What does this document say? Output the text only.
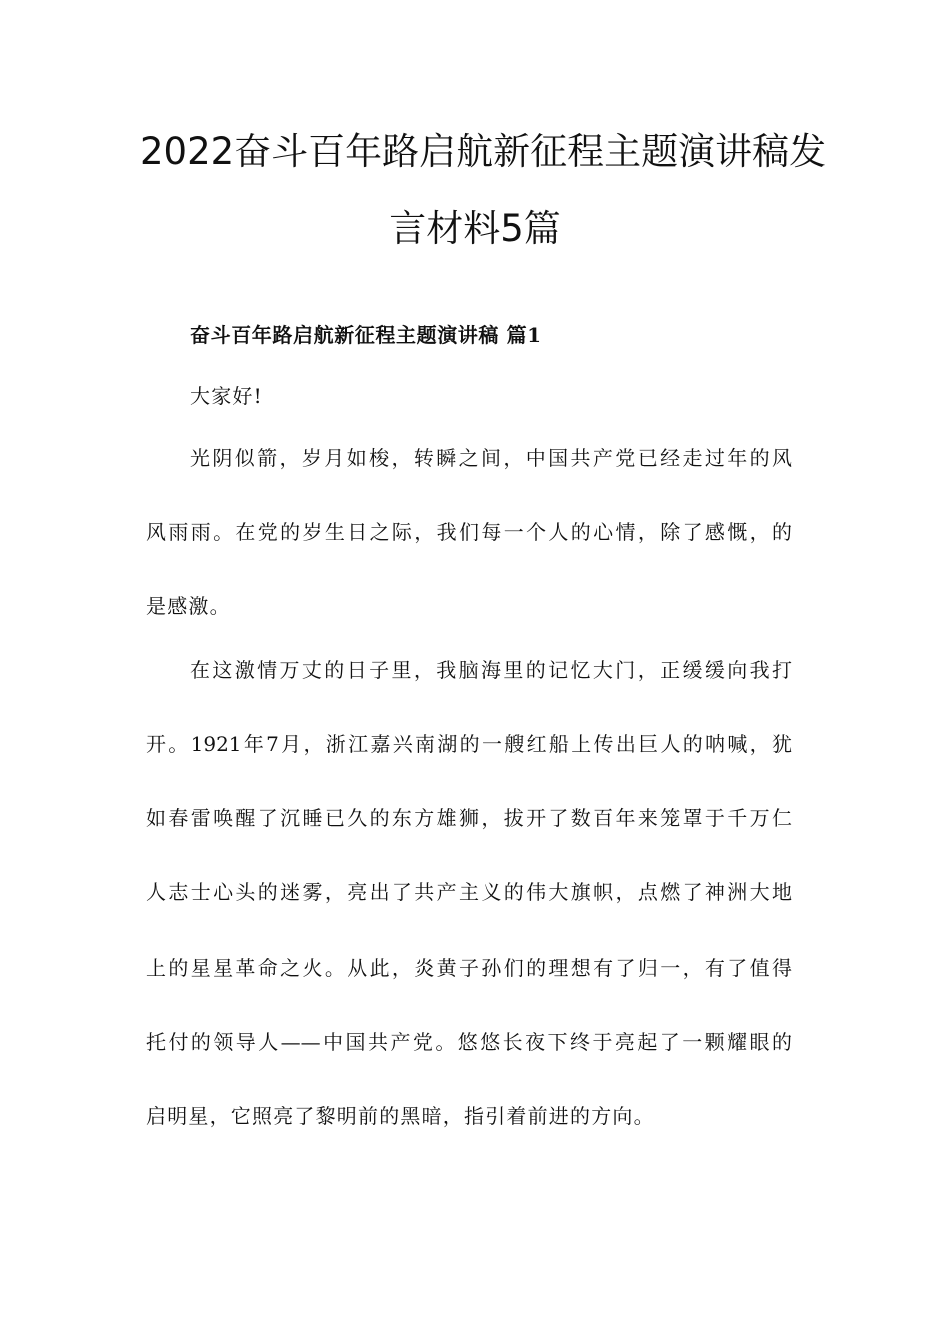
2022奋斗百年路启航新征程主题演讲稿发
言材料5篇
奋斗百年路启航新征程主题演讲稿 篇1
大家好!
光阴似箭，岁月如梭，转瞬之间，中国共产党已经走过年的风
风雨雨。在党的岁生日之际，我们每一个人的心情，除了感慨，的
是感激。
在这激情万丈的日子里，我脑海里的记忆大门，正缓缓向我打
开。1921年7月，浙江嘉兴南湖的一艘红船上传出巨人的呐喊，犹
如春雷唤醒了沉睡已久的东方雄狮，拔开了数百年来笼罩于千万仁
人志士心头的迷雾，亮出了共产主义的伟大旗帜，点燃了神洲大地
上的星星革命之火。从此，炎黄子孙们的理想有了归一，有了值得
托付的领导人——中国共产党。悠悠长夜下终于亮起了一颗耀眼的
启明星，它照亮了黎明前的黑暗，指引着前进的方向。
